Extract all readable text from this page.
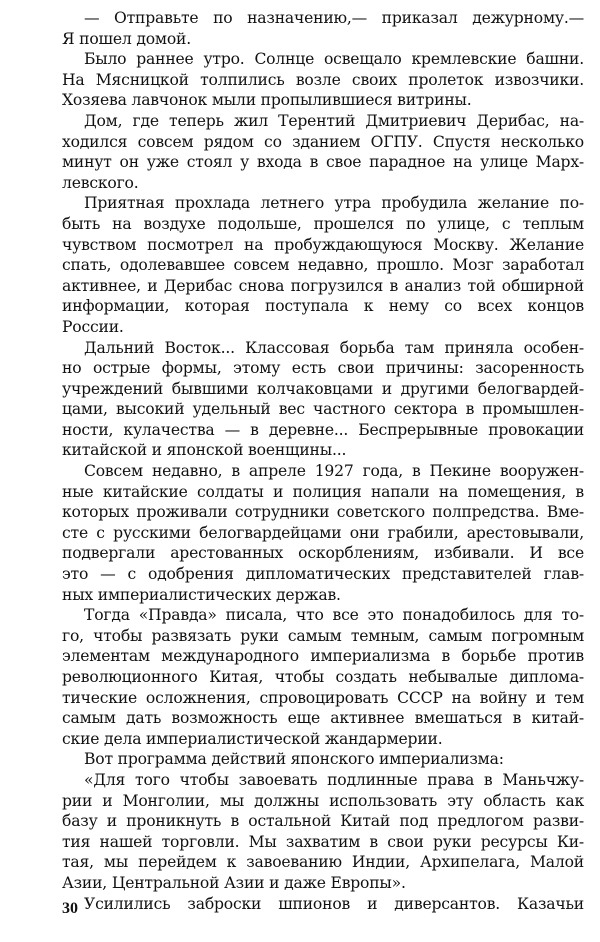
— Отправьте по назначению,— приказал дежурному.—
Я пошел домой.
Было раннее утро. Солнце освещало кремлевские башни.
На Мясницкой толпились возле своих пролеток извозчики.
Хозяева лавчонок мыли пропылившиеся витрины.
Дом, где теперь жил Терентий Дмитриевич Дерибас, на-
ходился совсем рядом со зданием ОГПУ. Спустя несколько
минут он уже стоял у входа в свое парадное на улице Марх-
левского.
Приятная прохлада летнего утра пробудила желание по-
быть на воздухе подольше, прошелся по улице, с теплым
чувством посмотрел на пробуждающуюся Москву. Желание
спать, одолевавшее совсем недавно, прошло. Мозг заработал
активнее, и Дерибас снова погрузился в анализ той обширной
информации, которая поступала к нему со всех концов
России.
Дальний Восток... Классовая борьба там приняла особен-
но острые формы, этому есть свои причины: засоренность
учреждений бывшими колчаковцами и другими белогвардей-
цами, высокий удельный вес частного сектора в промышлен-
ности, кулачества — в деревне... Беспрерывные провокации
китайской и японской военщины...
Совсем недавно, в апреле 1927 года, в Пекине вооружен-
ные китайские солдаты и полиция напали на помещения, в
которых проживали сотрудники советского полпредства. Вме-
сте с русскими белогвардейцами они грабили, арестовывали,
подвергали арестованных оскорблениям, избивали. И все
это — с одобрения дипломатических представителей глав-
ных империалистических держав.
Тогда «Правда» писала, что все это понадобилось для то-
го, чтобы развязать руки самым темным, самым погромным
элементам международного империализма в борьбе против
революционного Китая, чтобы создать небывалые диплома-
тические осложнения, спровоцировать СССР на войну и тем
самым дать возможность еще активнее вмешаться в китай-
ские дела империалистической жандармерии.
Вот программа действий японского империализма:
«Для того чтобы завоевать подлинные права в Маньчжу-
рии и Монголии, мы должны использовать эту область как
базу и проникнуть в остальной Китай под предлогом разви-
тия нашей торговли. Мы захватим в свои руки ресурсы Ки-
тая, мы перейдем к завоеванию Индии, Архипелага, Малой
Азии, Центральной Азии и даже Европы».
Усилились заброски шпионов и диверсантов. Казачьи
30
